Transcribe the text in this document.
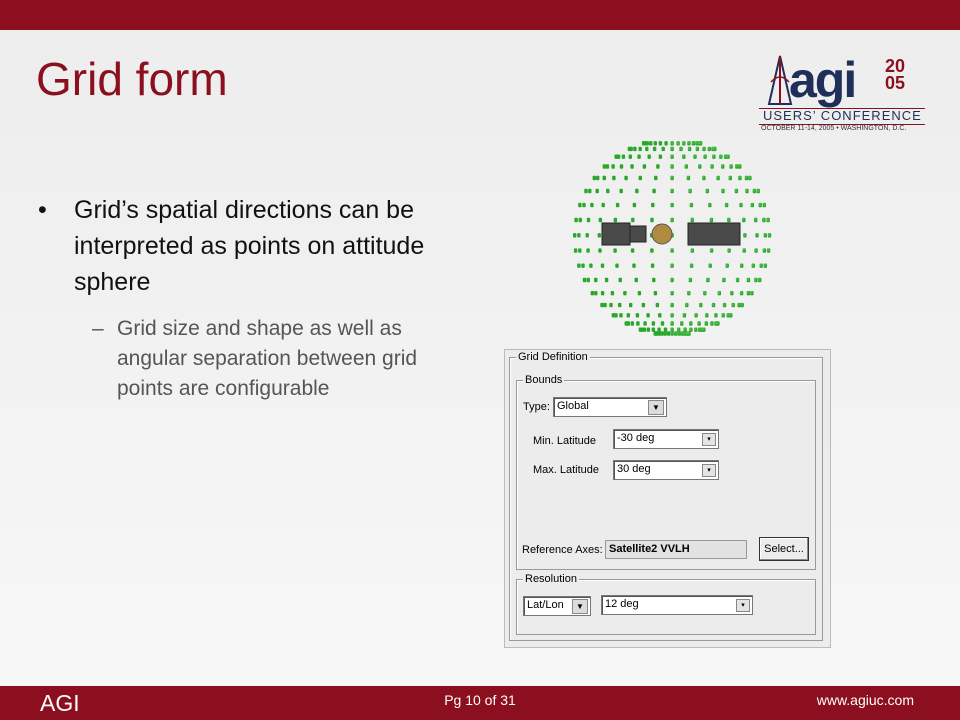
Grid form	agi 20
05
USERS’ CONFERENCE
OCTOBER 11-14, 2005 • WASHINGTON, D.C.
• Grid’s spatial directions can be interpreted as points on attitude sphere
– Grid size and shape as well as angular separation between grid points are configurable
Grid Definition
Bounds
Type: Global	▼
Min. Latitude -30 deg	▾
Max. Latitude 30 deg	▾
Reference Axes: Satellite2 VVLH	Select...
Resolution
Lat/Lon	▼	12 deg	▾
AGI	Pg 10 of 31	www.agiuc.com
